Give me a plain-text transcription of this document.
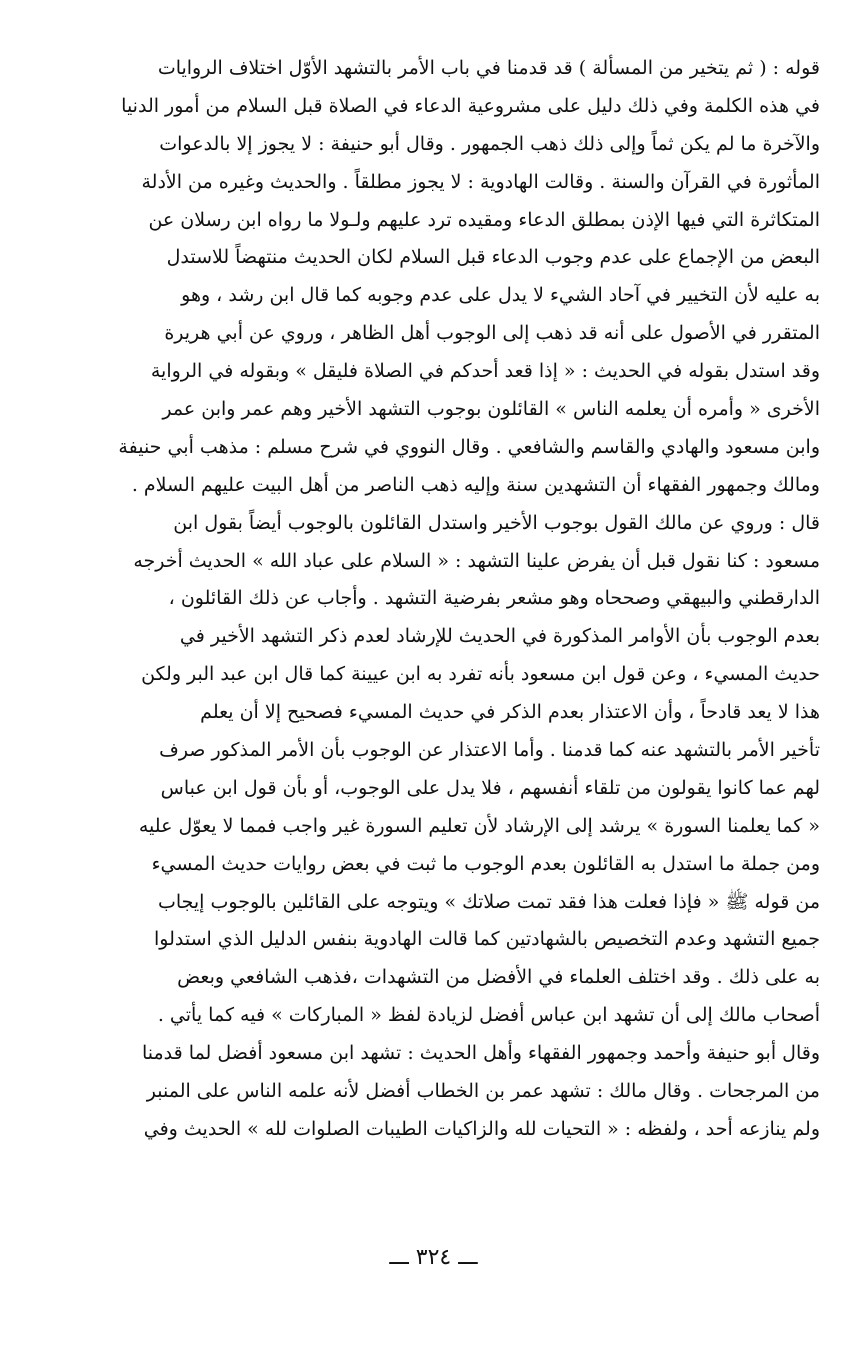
قوله : ( ثم يتخير من المسألة ) قد قدمنا في باب الأمر بالتشهد الأوّل اختلاف الروايات
في هذه الكلمة وفي ذلك دليل على مشروعية الدعاء في الصلاة قبل السلام من أمور الدنيا
والآخرة ما لم يكن ثماً وإلى ذلك ذهب الجمهور . وقال أبو حنيفة : لا يجوز إلا بالدعوات
المأثورة في القرآن والسنة . وقالت الهادوية : لا يجوز مطلقاً . والحديث وغيره من الأدلة
المتكاثرة التي فيها الإذن بمطلق الدعاء ومقيده ترد عليهم ولـولا ما رواه ابن رسلان عن
البعض من الإجماع على عدم وجوب الدعاء قبل السلام لكان الحديث منتهضاً للاستدل
به عليه لأن التخيير في آحاد الشيء لا يدل على عدم وجوبه كما قال ابن رشد ، وهو
المتقرر في الأصول على أنه قد ذهب إلى الوجوب أهل الظاهر ، وروي عن أبي هريرة
وقد استدل بقوله في الحديث : « إذا قعد أحدكم في الصلاة فليقل » وبقوله في الرواية
الأخرى « وأمره أن يعلمه الناس » القائلون بوجوب التشهد الأخير وهم عمر وابن عمر
وابن مسعود والهادي والقاسم والشافعي . وقال النووي في شرح مسلم : مذهب أبي حنيفة
ومالك وجمهور الفقهاء أن التشهدين سنة وإليه ذهب الناصر من أهل البيت عليهم السلام .
قال : وروي عن مالك القول بوجوب الأخير واستدل القائلون بالوجوب أيضاً بقول ابن
مسعود : كنا نقول قبل أن يفرض علينا التشهد : « السلام على عباد الله » الحديث أخرجه
الدارقطني والبيهقي وصححاه وهو مشعر بفرضية التشهد . وأجاب عن ذلك القائلون ،
بعدم الوجوب بأن الأوامر المذكورة في الحديث للإرشاد لعدم ذكر التشهد الأخير في
حديث المسيء ، وعن قول ابن مسعود بأنه تفرد به ابن عيينة كما قال ابن عبد البر ولكن
هذا لا يعد قادحاً ، وأن الاعتذار بعدم الذكر في حديث المسيء فصحيح إلا أن يعلم
تأخير الأمر بالتشهد عنه كما قدمنا . وأما الاعتذار عن الوجوب بأن الأمر المذكور صرف
لهم عما كانوا يقولون من تلقاء أنفسهم ، فلا يدل على الوجوب، أو بأن قول ابن عباس
« كما يعلمنا السورة » يرشد إلى الإرشاد لأن تعليم السورة غير واجب فمما لا يعوّل عليه
ومن جملة ما استدل به القائلون بعدم الوجوب ما ثبت في بعض روايات حديث المسيء
من قوله ﷺ « فإذا فعلت هذا فقد تمت صلاتك » ويتوجه على القائلين بالوجوب إيجاب
جميع التشهد وعدم التخصيص بالشهادتين كما قالت الهادوية بنفس الدليل الذي استدلوا
به على ذلك . وقد اختلف العلماء في الأفضل من التشهدات ،فذهب الشافعي وبعض
أصحاب مالك إلى أن تشهد ابن عباس أفضل لزيادة لفظ « المباركات » فيه كما يأتي .
وقال أبو حنيفة وأحمد وجمهور الفقهاء وأهل الحديث : تشهد ابن مسعود أفضل لما قدمنا
من المرجحات . وقال مالك : تشهد عمر بن الخطاب أفضل لأنه علمه الناس على المنبر
ولم ينازعه أحد ، ولفظه : « التحيات لله والزاكيات الطيبات الصلوات لله » الحديث وفي
ـــ ٣٢٤ ـــ
